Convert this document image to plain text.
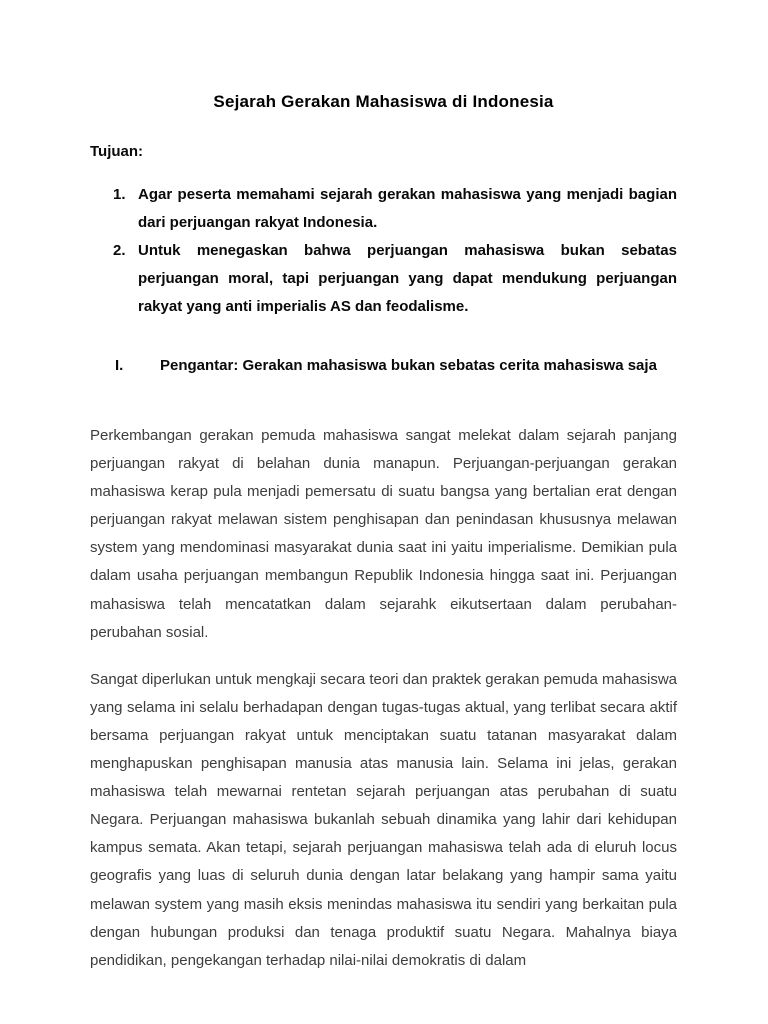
Sejarah Gerakan Mahasiswa di Indonesia

Tujuan:

1. Agar peserta memahami sejarah gerakan mahasiswa yang menjadi bagian dari perjuangan rakyat Indonesia.
2. Untuk menegaskan bahwa perjuangan mahasiswa bukan sebatas perjuangan moral, tapi perjuangan yang dapat mendukung perjuangan rakyat yang anti imperialis AS dan feodalisme.
I.	Pengantar: Gerakan mahasiswa bukan sebatas cerita mahasiswa saja

Perkembangan gerakan pemuda mahasiswa sangat melekat dalam sejarah panjang perjuangan rakyat di belahan dunia manapun. Perjuangan-perjuangan gerakan mahasiswa kerap pula menjadi pemersatu di suatu bangsa yang bertalian erat dengan perjuangan rakyat melawan sistem penghisapan dan penindasan khususnya melawan system yang mendominasi masyarakat dunia saat ini yaitu imperialisme. Demikian pula dalam usaha perjuangan membangun Republik Indonesia hingga saat ini. Perjuangan mahasiswa telah mencatatkan dalam sejarahk eikutsertaan dalam perubahan-perubahan sosial.

Sangat diperlukan untuk mengkaji secara teori dan praktek gerakan pemuda mahasiswa yang selama ini selalu berhadapan dengan tugas-tugas aktual, yang terlibat secara aktif bersama perjuangan rakyat untuk menciptakan suatu tatanan masyarakat dalam menghapuskan penghisapan manusia atas manusia lain. Selama ini jelas, gerakan mahasiswa telah mewarnai rentetan sejarah perjuangan atas perubahan di suatu Negara. Perjuangan mahasiswa bukanlah sebuah dinamika yang lahir dari kehidupan kampus semata. Akan tetapi, sejarah perjuangan mahasiswa telah ada di eluruh locus geografis yang luas di seluruh dunia dengan latar belakang yang hampir sama yaitu melawan system yang masih eksis menindas mahasiswa itu sendiri yang berkaitan pula dengan hubungan produksi dan tenaga produktif suatu Negara. Mahalnya biaya pendidikan, pengekangan terhadap nilai-nilai demokratis di dalam
